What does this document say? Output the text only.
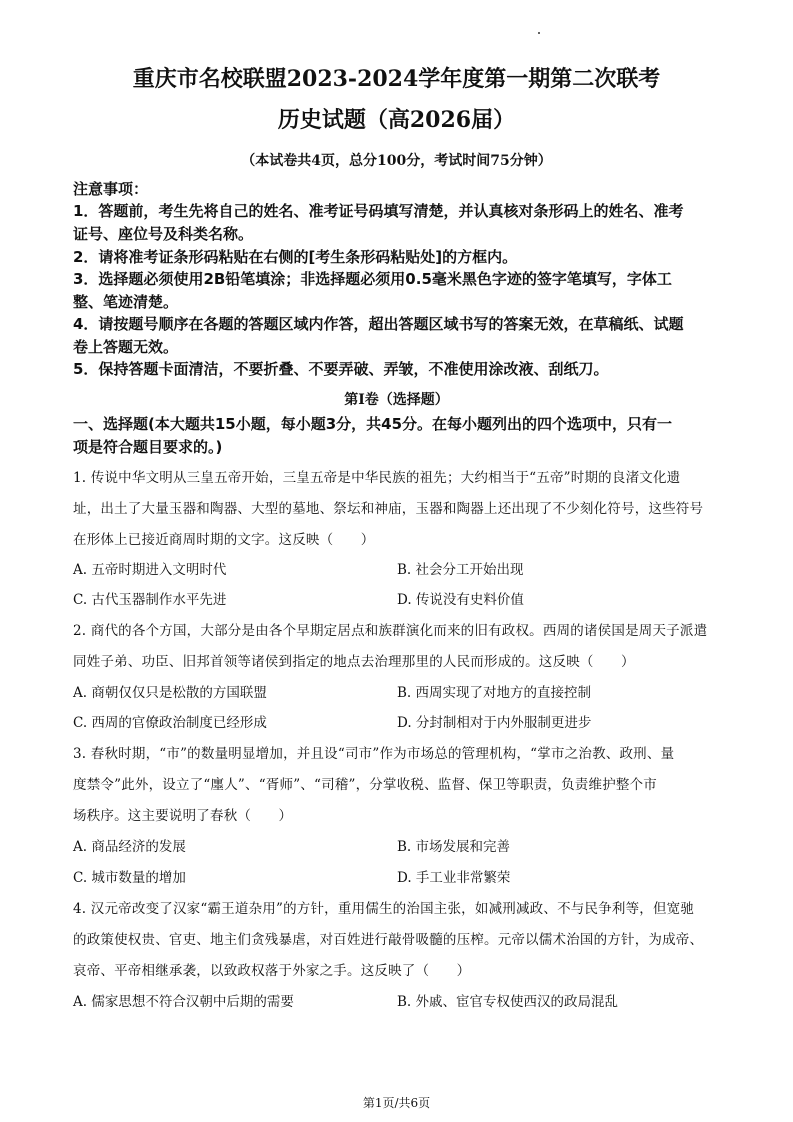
重庆市名校联盟2023-2024学年度第一期第二次联考
历史试题（高2026届）
（本试卷共4页，总分100分，考试时间75分钟）
注意事项：
1．答题前，考生先将自己的姓名、准考证号码填写清楚，并认真核对条形码上的姓名、准考
证号、座位号及科类名称。
2．请将准考证条形码粘贴在右侧的[考生条形码粘贴处]的方框内。
3．选择题必须使用2B铅笔填涂；非选择题必须用0.5毫米黑色字迹的签字笔填写，字体工
整、笔迹清楚。
4．请按题号顺序在各题的答题区域内作答，超出答题区域书写的答案无效，在草稿纸、试题
卷上答题无效。
5．保持答题卡面清洁，不要折叠、不要弄破、弄皱，不准使用涂改液、刮纸刀。
第Ⅰ卷（选择题）
一、选择题(本大题共15小题，每小题3分，共45分。在每小题列出的四个选项中，只有一
项是符合题目要求的。)
1. 传说中华文明从三皇五帝开始，三皇五帝是中华民族的祖先；大约相当于“五帝”时期的良渚文化遗
址，出土了大量玉器和陶器、大型的墓地、祭坛和神庙，玉器和陶器上还出现了不少刻化符号，这些符号
在形体上已接近商周时期的文字。这反映（　　）
A. 五帝时期进入文明时代	B. 社会分工开始出现
C. 古代玉器制作水平先进	D. 传说没有史料价值
2. 商代的各个方国，大部分是由各个早期定居点和族群演化而来的旧有政权。西周的诸侯国是周天子派遣
同姓子弟、功臣、旧邦首领等诸侯到指定的地点去治理那里的人民而形成的。这反映（　　）
A. 商朝仅仅只是松散的方国联盟	B. 西周实现了对地方的直接控制
C. 西周的官僚政治制度已经形成	D. 分封制相对于内外服制更进步
3. 春秋时期，“市”的数量明显增加，并且设“司市”作为市场总的管理机构，“掌市之治教、政刑、量
度禁令”此外，设立了“廛人”、“胥师”、“司稽”，分掌收税、监督、保卫等职责，负责维护整个市
场秩序。这主要说明了春秋（　　）
A. 商品经济的发展	B. 市场发展和完善
C. 城市数量的增加	D. 手工业非常繁荣
4. 汉元帝改变了汉家“霸王道杂用”的方针，重用儒生的治国主张，如减刑减政、不与民争利等，但宽驰
的政策使权贵、官吏、地主们贪残暴虐，对百姓进行敲骨吸髓的压榨。元帝以儒术治国的方针，为成帝、
哀帝、平帝相继承袭，以致政权落于外家之手。这反映了（　　）
A. 儒家思想不符合汉朝中后期的需要	B. 外戚、宦官专权使西汉的政局混乱
第1页/共6页
